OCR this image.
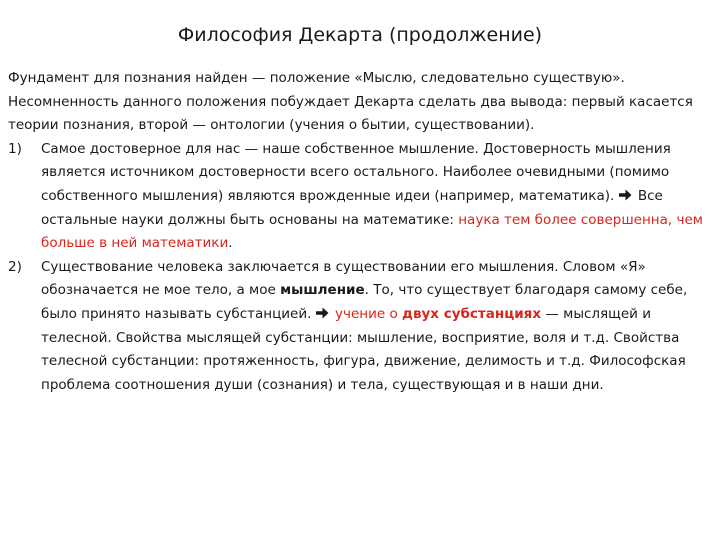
Философия Декарта (продолжение)

Фундамент для познания найден — положение «Мыслю, следовательно существую».

Несомненность данного положения побуждает Декарта сделать два вывода: первый касается теории познания, второй — онтологии (учения о бытии, существовании).

1) Самое достоверное для нас — наше собственное мышление. Достоверность мышления является источником достоверности всего остального. Наиболее очевидными (помимо собственного мышления) являются врожденные идеи (например, математика).  Все остальные науки должны быть основаны на математике: наука тем более совершенна, чем больше в ней математики.
2) Существование человека заключается в существовании его мышления. Словом «Я» обозначается не мое тело, а мое мышление. То, что существует благодаря самому себе, было принято называть субстанцией.  учение о двух субстанциях — мыслящей и телесной. Свойства мыслящей субстанции: мышление, восприятие, воля и т.д. Свойства телесной субстанции: протяженность, фигура, движение, делимость и т.д. Философская проблема соотношения души (сознания) и тела, существующая и в наши дни.
